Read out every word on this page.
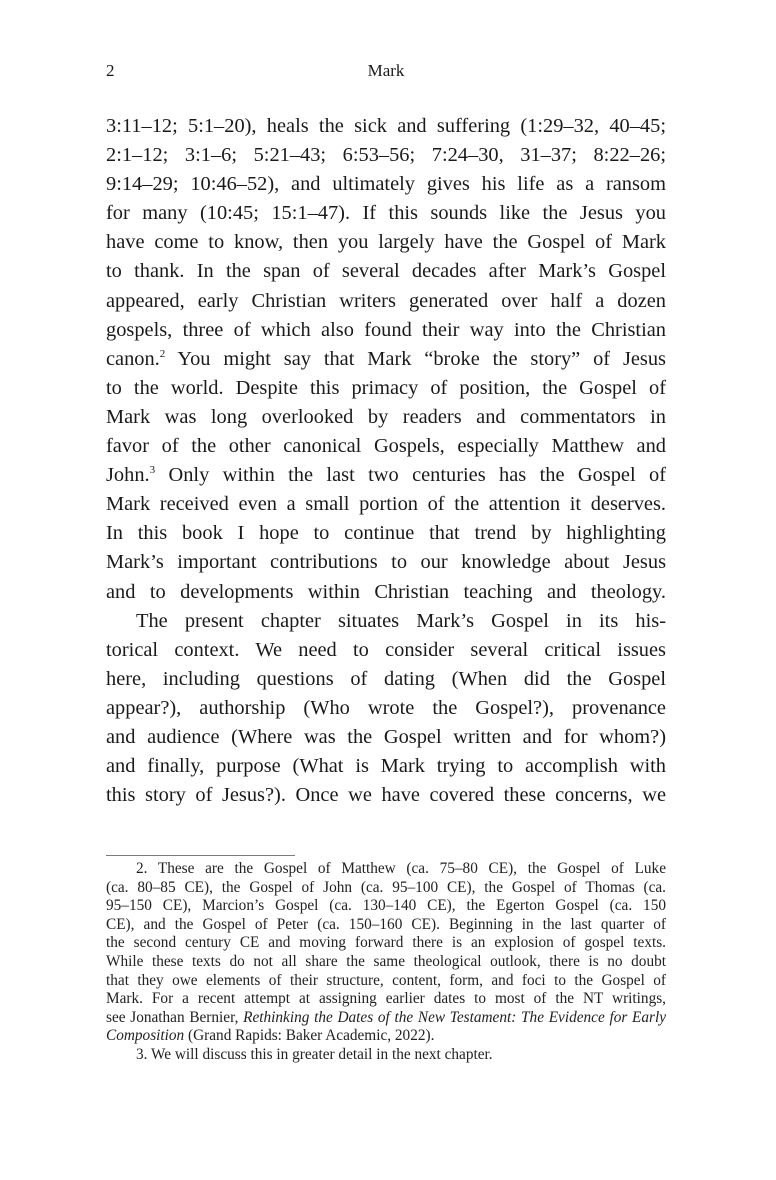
2	Mark
3:11–12; 5:1–20), heals the sick and suffering (1:29–32, 40–45;
2:1–12; 3:1–6; 5:21–43; 6:53–56; 7:24–30, 31–37; 8:22–26;
9:14–29; 10:46–52), and ultimately gives his life as a ransom
for many (10:45; 15:1–47). If this sounds like the Jesus you
have come to know, then you largely have the Gospel of Mark
to thank. In the span of several decades after Mark’s Gospel
appeared, early Christian writers generated over half a dozen
gospels, three of which also found their way into the Christian
canon.$^2$ You might say that Mark “broke the story” of Jesus
to the world. Despite this primacy of position, the Gospel of
Mark was long overlooked by readers and commentators in
favor of the other canonical Gospels, especially Matthew and
John.$^3$ Only within the last two centuries has the Gospel of
Mark received even a small portion of the attention it deserves.
In this book I hope to continue that trend by highlighting
Mark’s important contributions to our knowledge about Jesus
and to developments within Christian teaching and theology.
The present chapter situates Mark’s Gospel in its his-
torical context. We need to consider several critical issues
here, including questions of dating (When did the Gospel
appear?), authorship (Who wrote the Gospel?), provenance
and audience (Where was the Gospel written and for whom?)
and finally, purpose (What is Mark trying to accomplish with
this story of Jesus?). Once we have covered these concerns, we
2. These are the Gospel of Matthew (ca. 75–80 CE), the Gospel of Luke
(ca. 80–85 CE), the Gospel of John (ca. 95–100 CE), the Gospel of Thomas (ca.
95–150 CE), Marcion’s Gospel (ca. 130–140 CE), the Egerton Gospel (ca. 150
CE), and the Gospel of Peter (ca. 150–160 CE). Beginning in the last quarter of
the second century CE and moving forward there is an explosion of gospel texts.
While these texts do not all share the same theological outlook, there is no doubt
that they owe elements of their structure, content, form, and foci to the Gospel of
Mark. For a recent attempt at assigning earlier dates to most of the NT writings,
see Jonathan Bernier, Rethinking the Dates of the New Testament: The Evidence for Early
Composition (Grand Rapids: Baker Academic, 2022).
3. We will discuss this in greater detail in the next chapter.
